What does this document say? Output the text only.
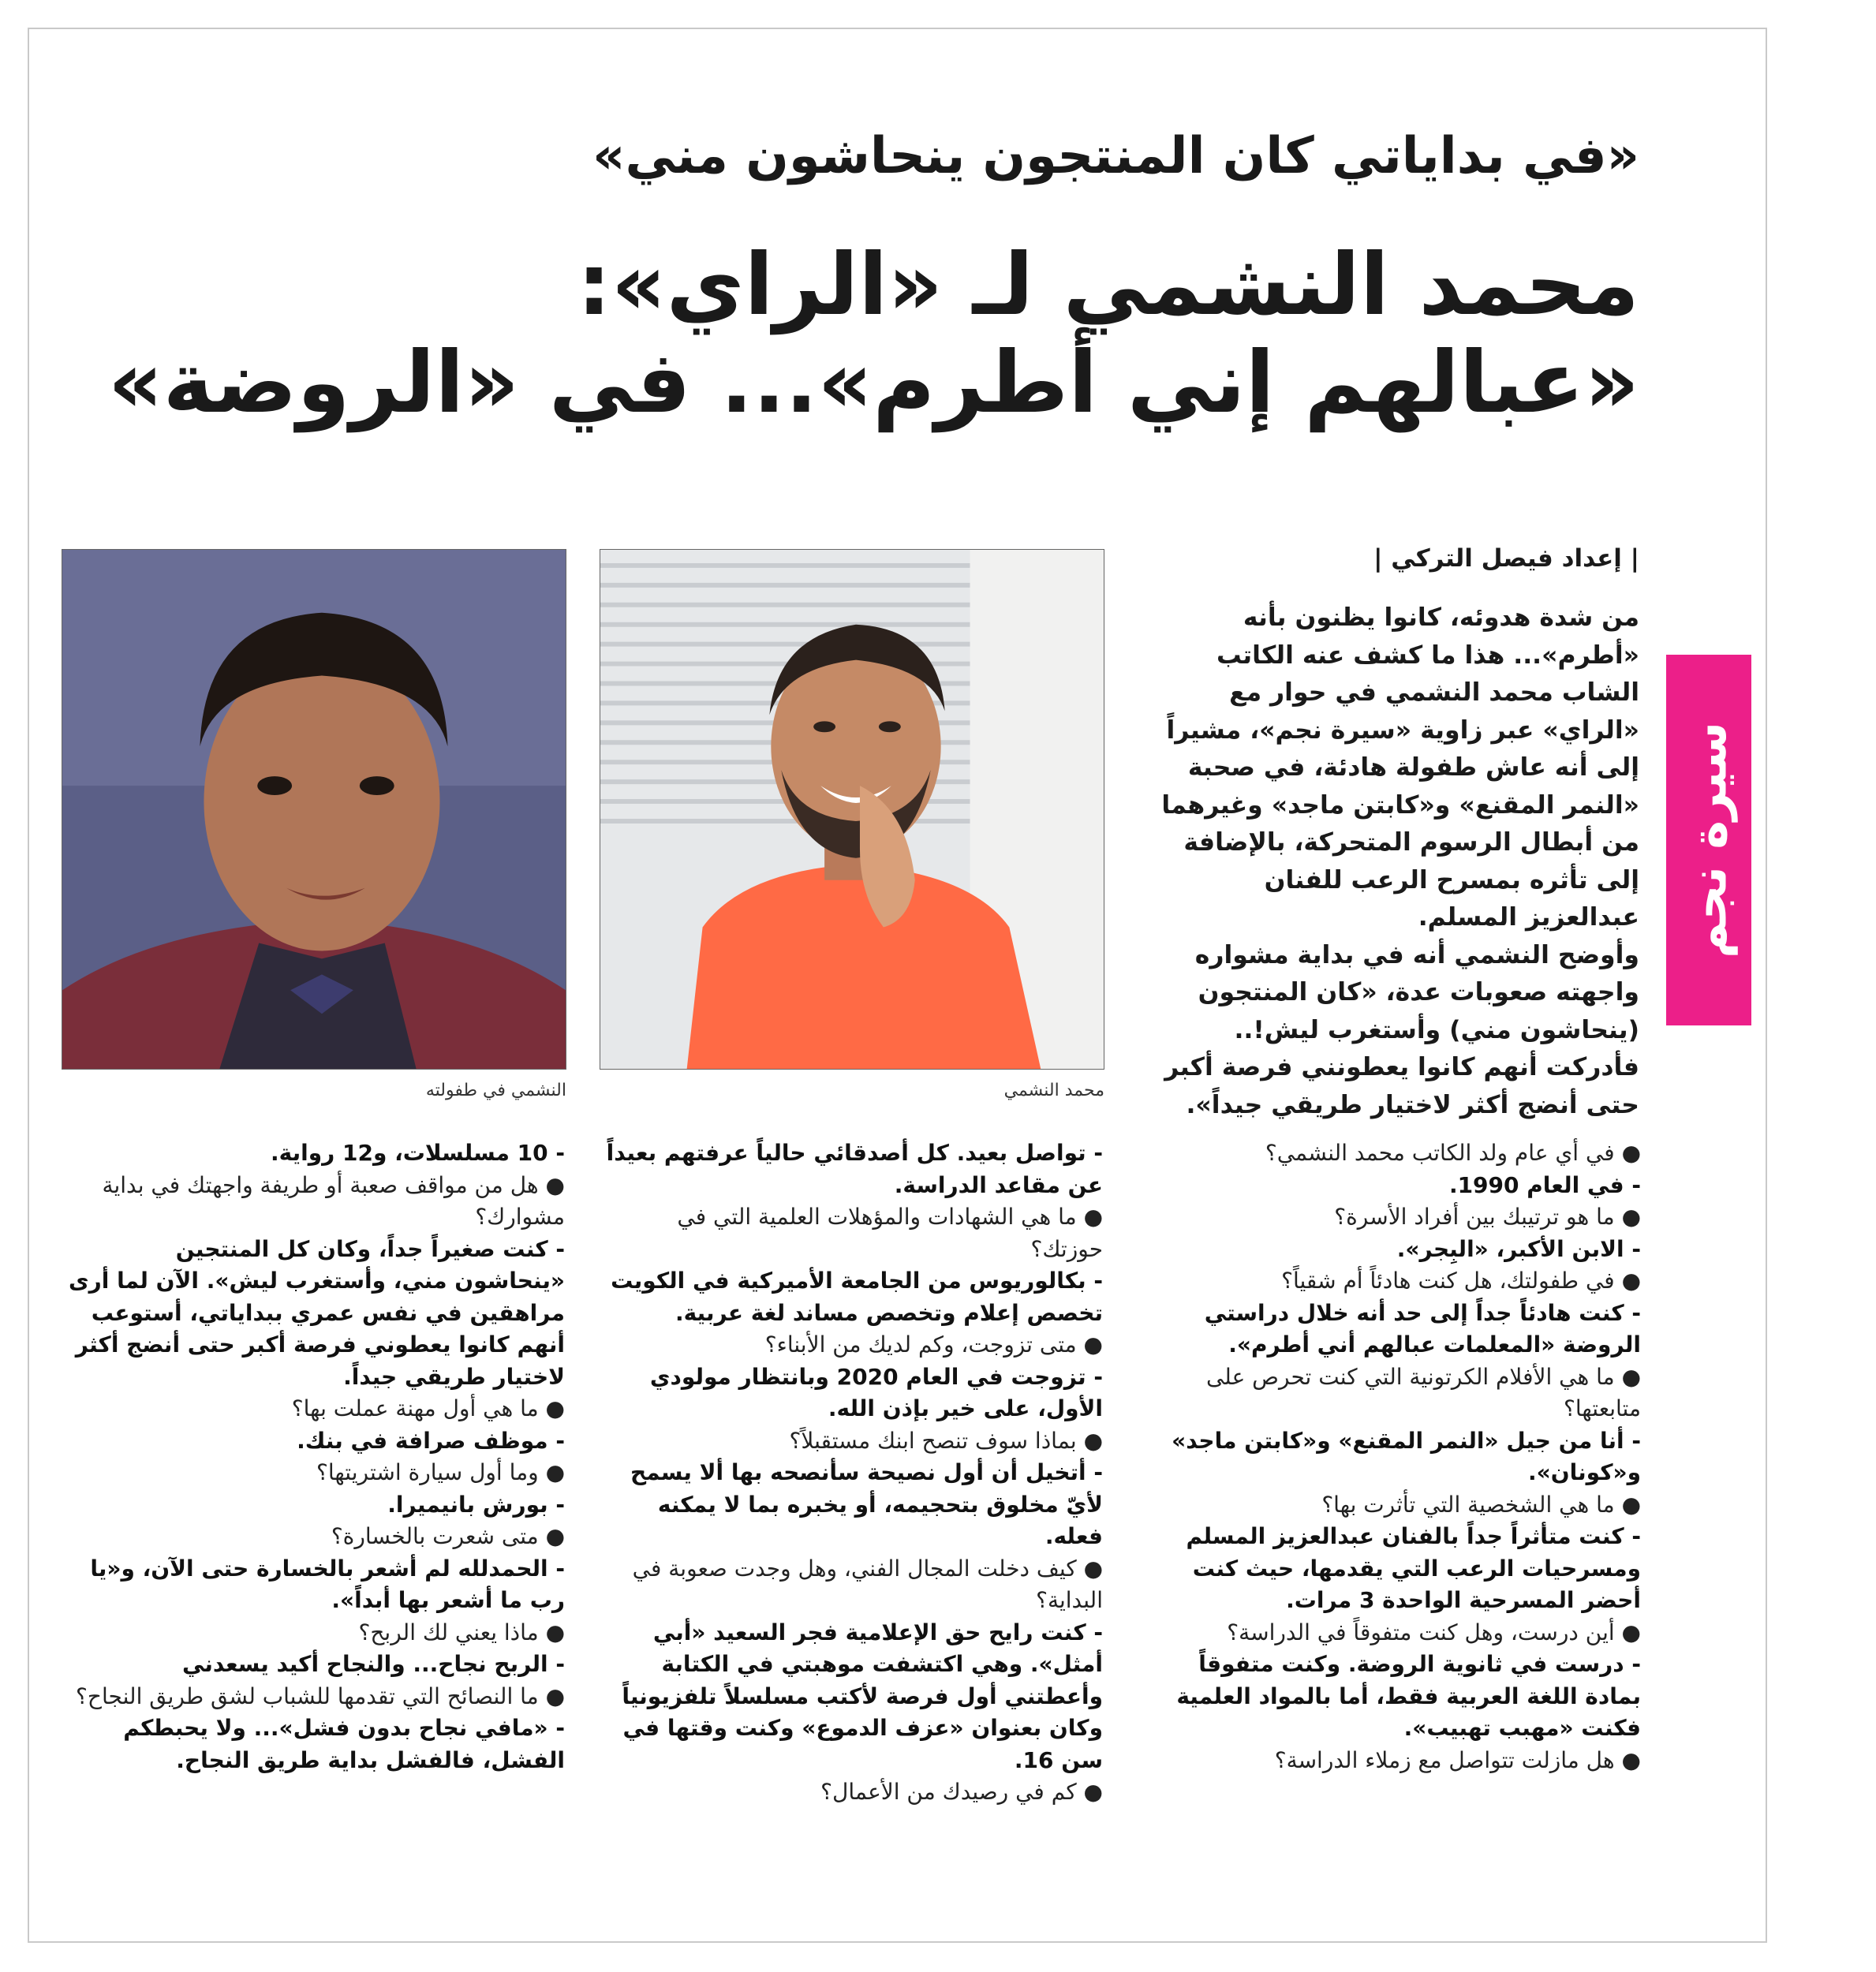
«في بداياتي كان المنتجون ينحاشون مني»
محمد النشمي لـ «الراي»:
«عبالهم إني أطرم»... في «الروضة»
سيرة نجم
| إعداد فيصل التركي |

من شدة هدوئه، كانوا يظنون بأنه «أطرم»... هذا ما كشف عنه الكاتب الشاب محمد النشمي في حوار مع «الراي» عبر زاوية «سيرة نجم»، مشيراً إلى أنه عاش طفولة هادئة، في صحبة «النمر المقنع» و«كابتن ماجد» وغيرهما من أبطال الرسوم المتحركة، بالإضافة إلى تأثره بمسرح الرعب للفنان عبدالعزيز المسلم.

وأوضح النشمي أنه في بداية مشواره واجهته صعوبات عدة، «كان المنتجون (ينحاشون مني) وأستغرب ليش!.. فأدركت أنهم كانوا يعطونني فرصة أكبر حتى أنضج أكثر لاختيار طريقي جيداً».

محمد النشمي
النشمي في طفولته

● في أي عام ولد الكاتب محمد النشمي؟

- في العام 1990.

● ما هو ترتيبك بين أفراد الأسرة؟

- الابن الأكبر، «البِجر».

● في طفولتك، هل كنت هادئاً أم شقياً؟

- كنت هادئاً جداً إلى حد أنه خلال دراستي الروضة «المعلمات عبالهم أني أطرم».

● ما هي الأفلام الكرتونية التي كنت تحرص على متابعتها؟

- أنا من جيل «النمر المقنع» و«كابتن ماجد» و«كونان».

● ما هي الشخصية التي تأثرت بها؟

- كنت متأثراً جداً بالفنان عبدالعزيز المسلم ومسرحيات الرعب التي يقدمها، حيث كنت أحضر المسرحية الواحدة 3 مرات.

● أين درست، وهل كنت متفوقاً في الدراسة؟

- درست في ثانوية الروضة. وكنت متفوقاً بمادة اللغة العربية فقط، أما بالمواد العلمية فكنت «مهبب تهبيب».

● هل مازلت تتواصل مع زملاء الدراسة؟

- تواصل بعيد. كل أصدقائي حالياً عرفتهم بعيداً عن مقاعد الدراسة.

● ما هي الشهادات والمؤهلات العلمية التي في حوزتك؟

- بكالوريوس من الجامعة الأميركية في الكويت تخصص إعلام وتخصص مساند لغة عربية.

● متى تزوجت، وكم لديك من الأبناء؟

- تزوجت في العام 2020 وبانتظار مولودي الأول، على خير بإذن الله.

● بماذا سوف تنصح ابنك مستقبلاً؟

- أتخيل أن أول نصيحة سأنصحه بها ألا يسمح لأيّ مخلوق بتحجيمه، أو يخبره بما لا يمكنه فعله.

● كيف دخلت المجال الفني، وهل وجدت صعوبة في البداية؟

- كنت رايح حق الإعلامية فجر السعيد «أبي أمثل». وهي اكتشفت موهبتي في الكتابة وأعطتني أول فرصة لأكتب مسلسلاً تلفزيونياً وكان بعنوان «عزف الدموع» وكنت وقتها في سن 16.

● كم في رصيدك من الأعمال؟

- 10 مسلسلات، و12 رواية.

● هل من مواقف صعبة أو طريفة واجهتك في بداية مشوارك؟

- كنت صغيراً جداً، وكان كل المنتجين «ينحاشون مني، وأستغرب ليش». الآن لما أرى مراهقين في نفس عمري ببداياتي، أستوعب أنهم كانوا يعطوني فرصة أكبر حتى أنضج أكثر لاختيار طريقي جيداً.

● ما هي أول مهنة عملت بها؟

- موظف صرافة في بنك.

● وما أول سيارة اشتريتها؟

- بورش بانيميرا.

● متى شعرت بالخسارة؟

- الحمدلله لم أشعر بالخسارة حتى الآن، و«يا رب ما أشعر بها أبداً».

● ماذا يعني لك الربح؟

- الربح نجاح... والنجاح أكيد يسعدني

● ما النصائح التي تقدمها للشباب لشق طريق النجاح؟

- «مافي نجاح بدون فشل»... ولا يحبطكم الفشل، فالفشل بداية طريق النجاح.
